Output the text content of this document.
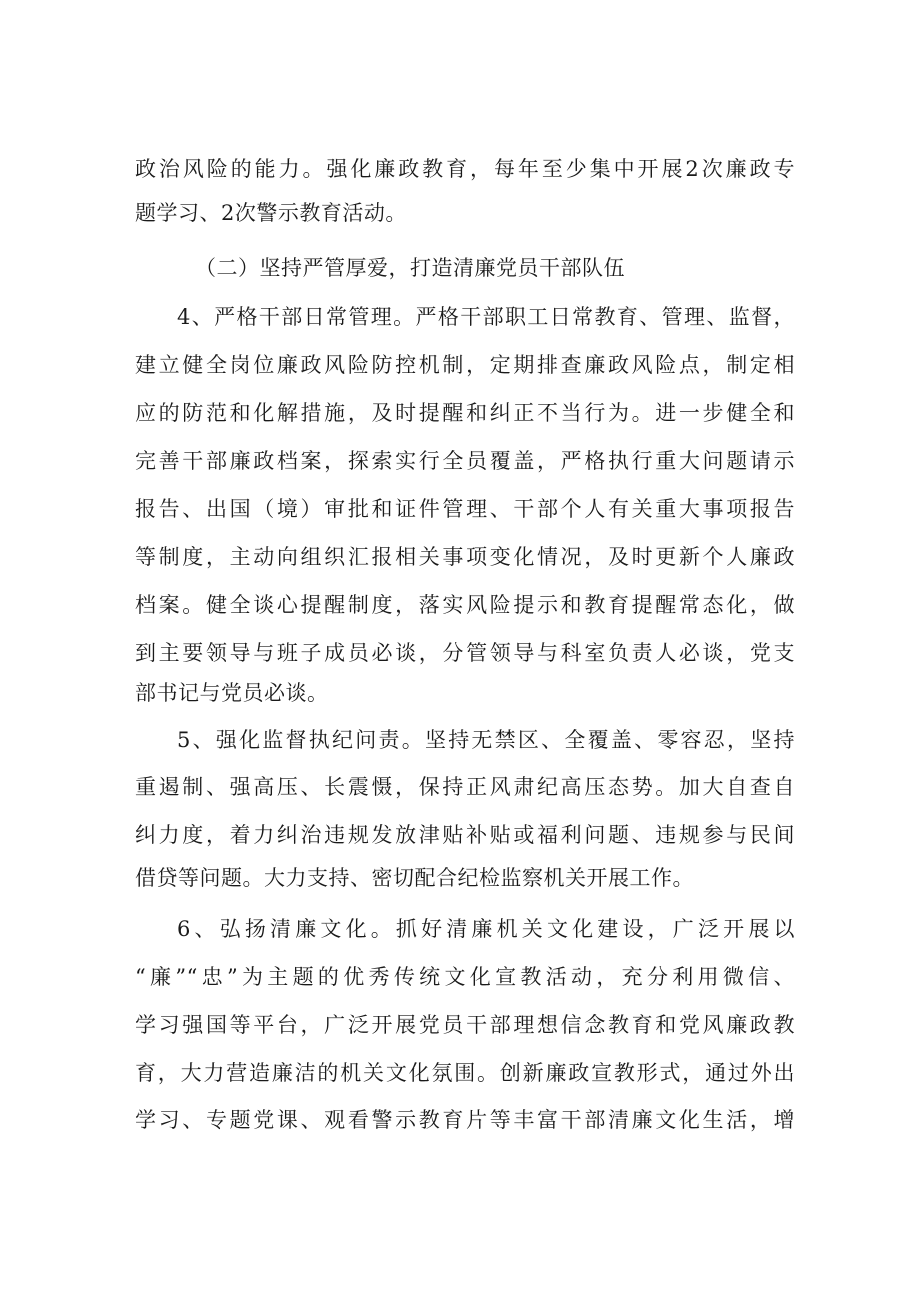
政治风险的能力。强化廉政教育，每年至少集中开展2次廉政专
题学习、2次警示教育活动。
（二）坚持严管厚爱，打造清廉党员干部队伍
4、严格干部日常管理。严格干部职工日常教育、管理、监督，
建立健全岗位廉政风险防控机制，定期排查廉政风险点，制定相
应的防范和化解措施，及时提醒和纠正不当行为。进一步健全和
完善干部廉政档案，探索实行全员覆盖，严格执行重大问题请示
报告、出国（境）审批和证件管理、干部个人有关重大事项报告
等制度，主动向组织汇报相关事项变化情况，及时更新个人廉政
档案。健全谈心提醒制度，落实风险提示和教育提醒常态化，做
到主要领导与班子成员必谈，分管领导与科室负责人必谈，党支
部书记与党员必谈。
5、强化监督执纪问责。坚持无禁区、全覆盖、零容忍，坚持
重遏制、强高压、长震慑，保持正风肃纪高压态势。加大自查自
纠力度，着力纠治违规发放津贴补贴或福利问题、违规参与民间
借贷等问题。大力支持、密切配合纪检监察机关开展工作。
6、弘扬清廉文化。抓好清廉机关文化建设，广泛开展以
“廉”“忠”为主题的优秀传统文化宣教活动，充分利用微信、
学习强国等平台，广泛开展党员干部理想信念教育和党风廉政教
育，大力营造廉洁的机关文化氛围。创新廉政宣教形式，通过外出
学习、专题党课、观看警示教育片等丰富干部清廉文化生活，增
